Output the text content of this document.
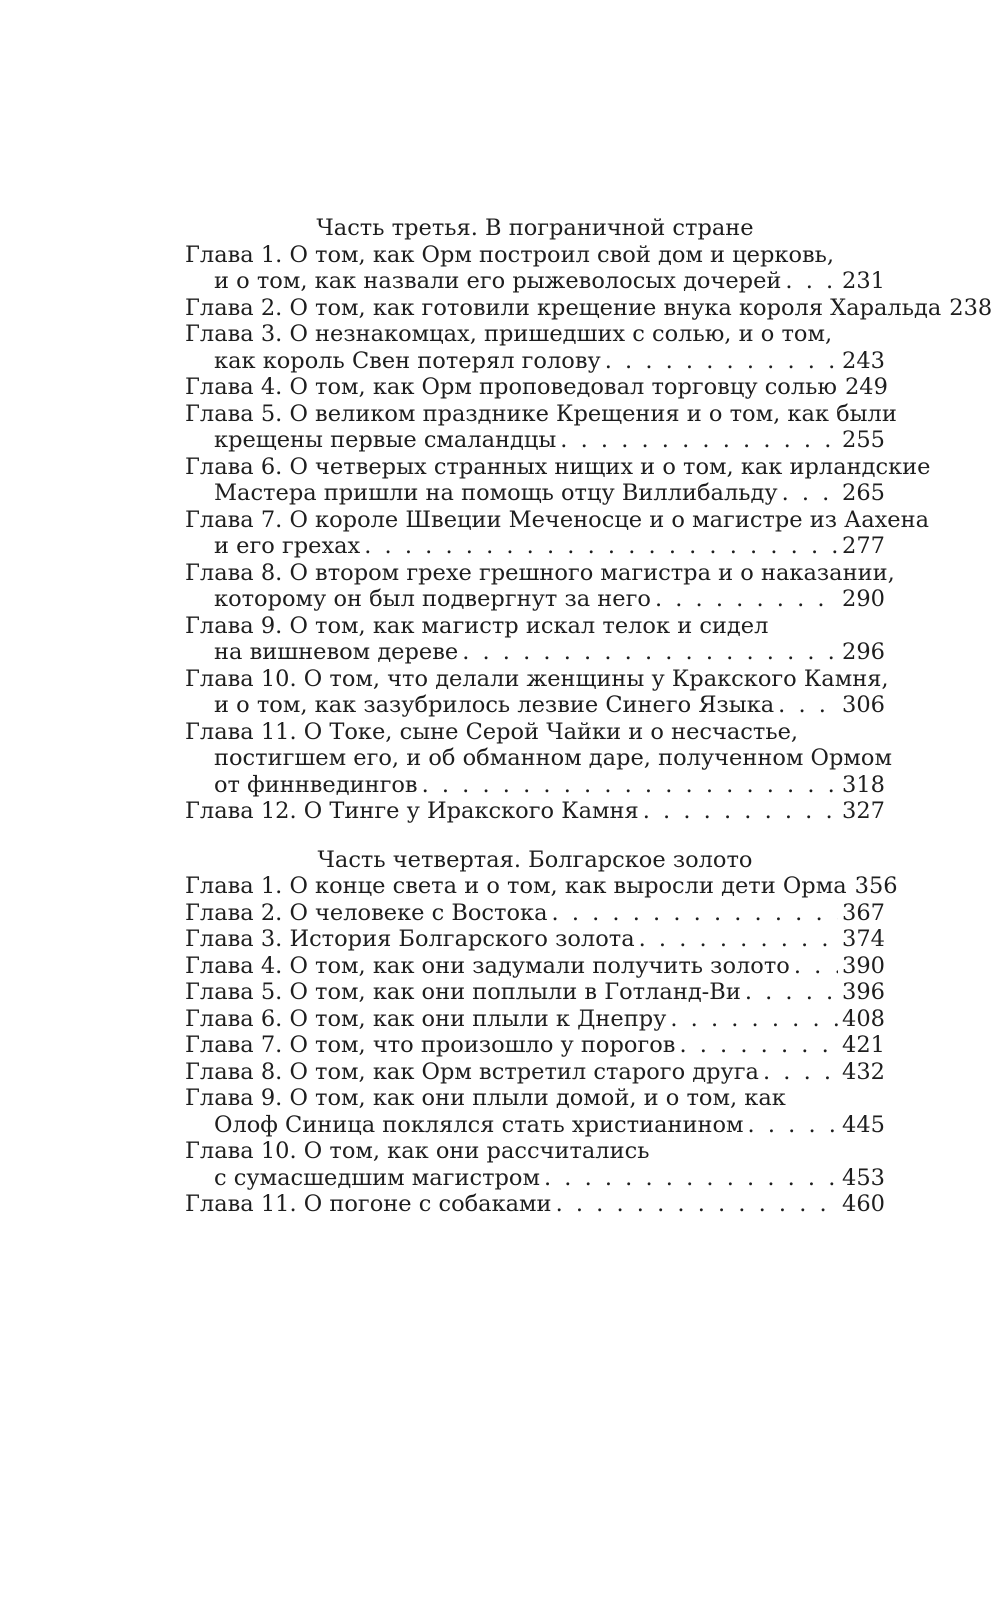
Часть третья. В пограничной стране
Глава 1. О том, как Орм построил свой дом и церковь,
и о том, как назвали его рыжеволосых дочерей . . .	231
Глава 2. О том, как готовили крещение внука короля Харальда 238
Глава 3. О незнакомцах, пришедших с солью, и о том,
как король Свен потерял голову . . .	243
Глава 4. О том, как Орм проповедовал торговцу солью 249
Глава 5. О великом празднике Крещения и о том, как были
крещены первые смаландцы . . .	255
Глава 6. О четверых странных нищих и о том, как ирландские
Мастера пришли на помощь отцу Виллибальду . . .	265
Глава 7. О короле Швеции Меченосце и о магистре из Аахена
и его грехах . . .	277
Глава 8. О втором грехе грешного магистра и о наказании,
которому он был подвергнут за него . . .	290
Глава 9. О том, как магистр искал телок и сидел
на вишневом дереве . . .	296
Глава 10. О том, что делали женщины у Кракского Камня,
и о том, как зазубрилось лезвие Синего Языка . . .	306
Глава 11. О Токе, сыне Серой Чайки и о несчастье,
постигшем его, и об обманном даре, полученном Ормом
от финнведингов . . .	318
Глава 12. О Тинге у Иракского Камня . . .	327
Часть четвертая. Болгарское золото
Глава 1. О конце света и о том, как выросли дети Орма 356
Глава 2. О человеке с Востока . . .	367
Глава 3. История Болгарского золота . . .	374
Глава 4. О том, как они задумали получить золото . . . 390
Глава 5. О том, как они поплыли в Готланд-Ви . . .	396
Глава 6. О том, как они плыли к Днепру . . .	408
Глава 7. О том, что произошло у порогов . . .	421
Глава 8. О том, как Орм встретил старого друга . . .	432
Глава 9. О том, как они плыли домой, и о том, как
Олоф Синица поклялся стать христианином . . .	445
Глава 10. О том, как они рассчитались
с сумасшедшим магистром . . .	453
Глава 11. О погоне с собаками . . .	460
